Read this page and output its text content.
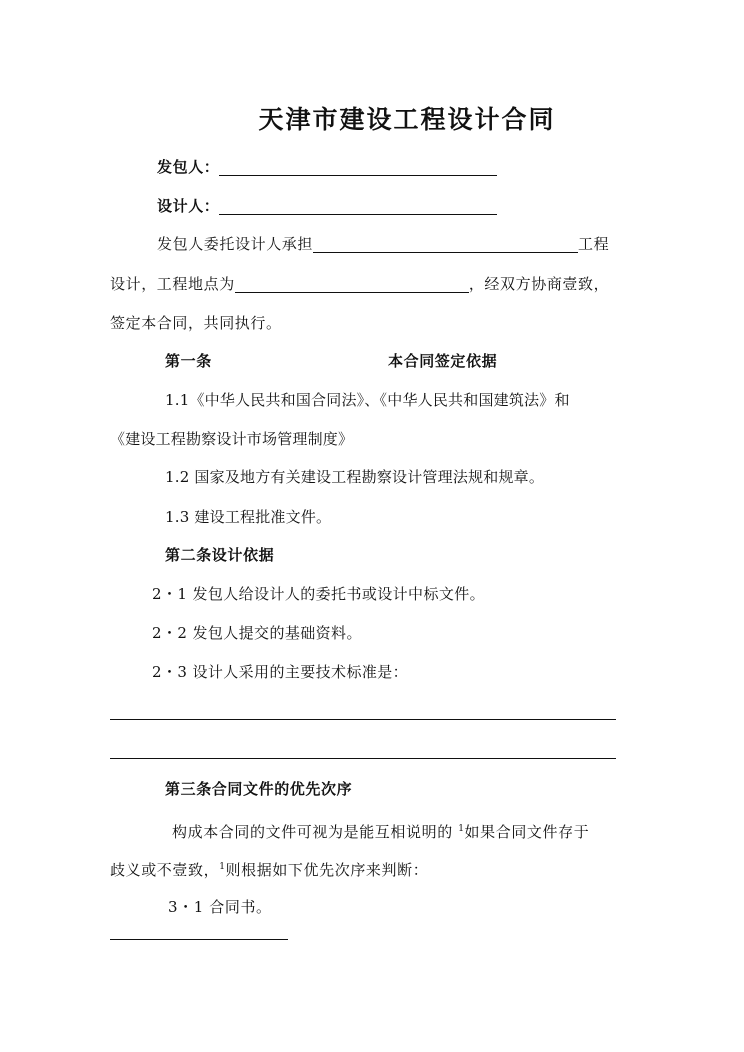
天津市建设工程设计合同
发包人：
设计人：
发包人委托设计人承担	工程
设计，工程地点为	，经双方协商壹致，
签定本合同，共同执行。
第一条	本合同签定依据
1.1《中华人民共和国合同法》、《中华人民共和国建筑法》和
《建设工程勘察设计市场管理制度》
1.2 国家及地方有关建设工程勘察设计管理法规和规章。
1.3 建设工程批准文件。
第二条设计依据
2・1 发包人给设计人的委托书或设计中标文件。
2・2 发包人提交的基础资料。
2・3 设计人采用的主要技术标准是：
第三条合同文件的优先次序
构成本合同的文件可视为是能互相说明的 $^1$如果合同文件存于
歧义或不壹致，$^1$则根据如下优先次序来判断：
3・1 合同书。
